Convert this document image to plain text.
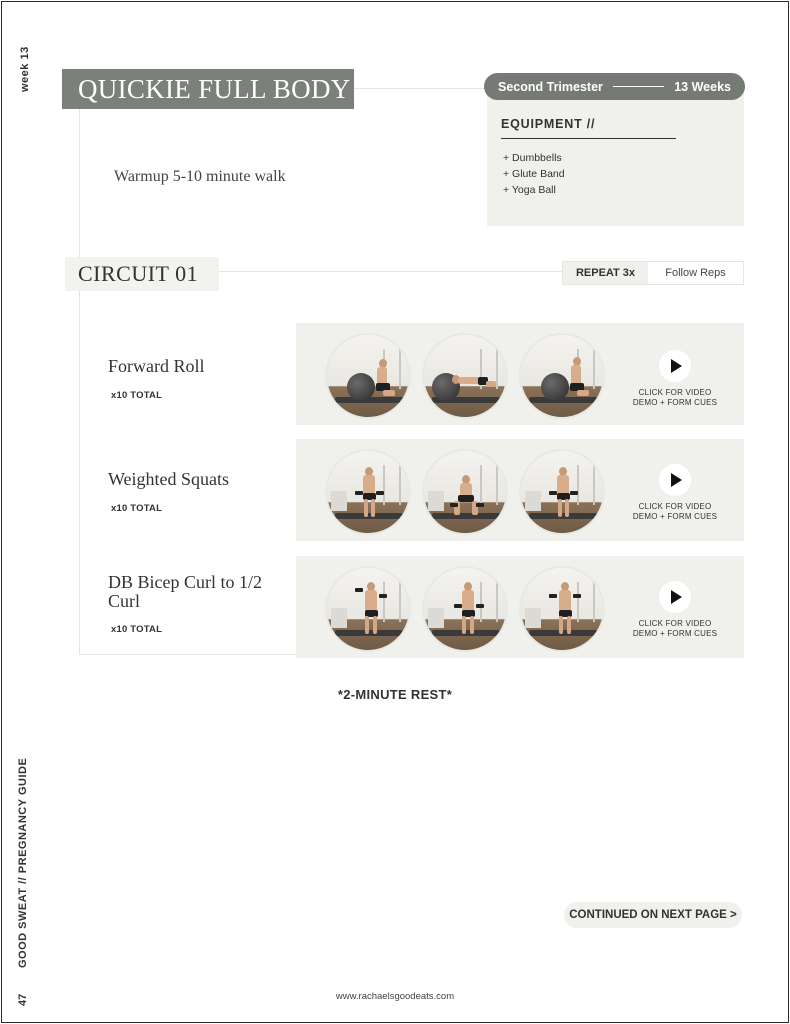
week 13
GOOD SWEAT // PREGNANCY GUIDE
47
QUICKIE FULL BODY
Warmup 5-10 minute walk
Second Trimester	13 Weeks
EQUIPMENT //
+ Dumbbells
+ Glute Band
+ Yoga Ball
CIRCUIT 01	REPEAT 3x	Follow Reps
Forward Roll
x10 TOTAL	CLICK FOR VIDEO
DEMO + FORM CUES
Weighted Squats
x10 TOTAL	CLICK FOR VIDEO
DEMO + FORM CUES
DB Bicep Curl to 1/2 Curl
x10 TOTAL
CLICK FOR VIDEO
DEMO + FORM CUES
*2-MINUTE REST*
CONTINUED ON NEXT PAGE >
www.rachaelsgoodeats.com
